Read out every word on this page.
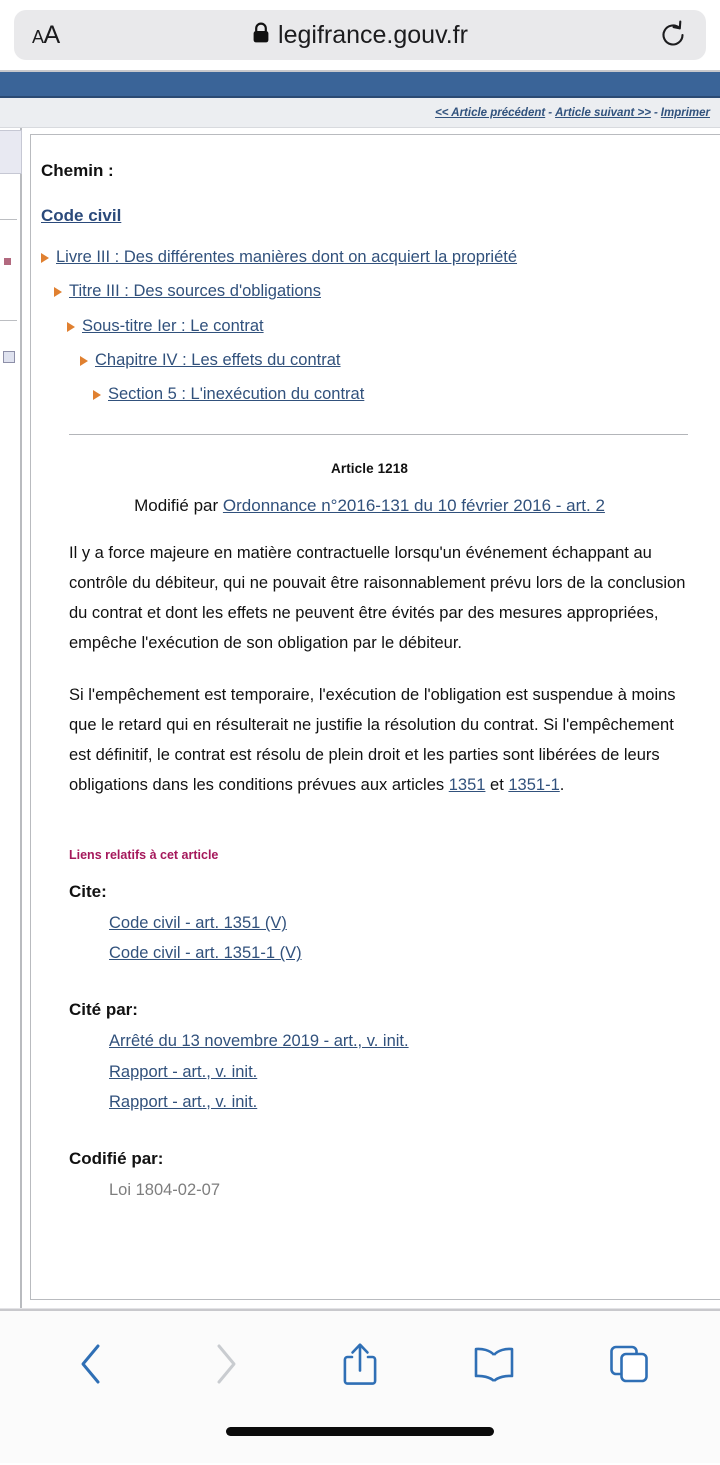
AA	legifrance.gouv.fr
<< Article précédent - Article suivant >> - Imprimer
Chemin :
Code civil
Livre III : Des différentes manières dont on acquiert la propriété
Titre III : Des sources d'obligations
Sous-titre Ier : Le contrat
Chapitre IV : Les effets du contrat
Section 5 : L'inexécution du contrat
Article 1218
Modifié par Ordonnance n°2016-131 du 10 février 2016 - art. 2

Il y a force majeure en matière contractuelle lorsqu'un événement échappant au contrôle du débiteur, qui ne pouvait être raisonnablement prévu lors de la conclusion du contrat et dont les effets ne peuvent être évités par des mesures appropriées, empêche l'exécution de son obligation par le débiteur.

Si l'empêchement est temporaire, l'exécution de l'obligation est suspendue à moins que le retard qui en résulterait ne justifie la résolution du contrat. Si l'empêchement est définitif, le contrat est résolu de plein droit et les parties sont libérées de leurs obligations dans les conditions prévues aux articles 1351 et 1351-1.

Liens relatifs à cet article
Cite:
Code civil - art. 1351 (V)
Code civil - art. 1351-1 (V)
Cité par:
Arrêté du 13 novembre 2019 - art., v. init.
Rapport - art., v. init.
Rapport - art., v. init.
Codifié par:
Loi 1804-02-07
